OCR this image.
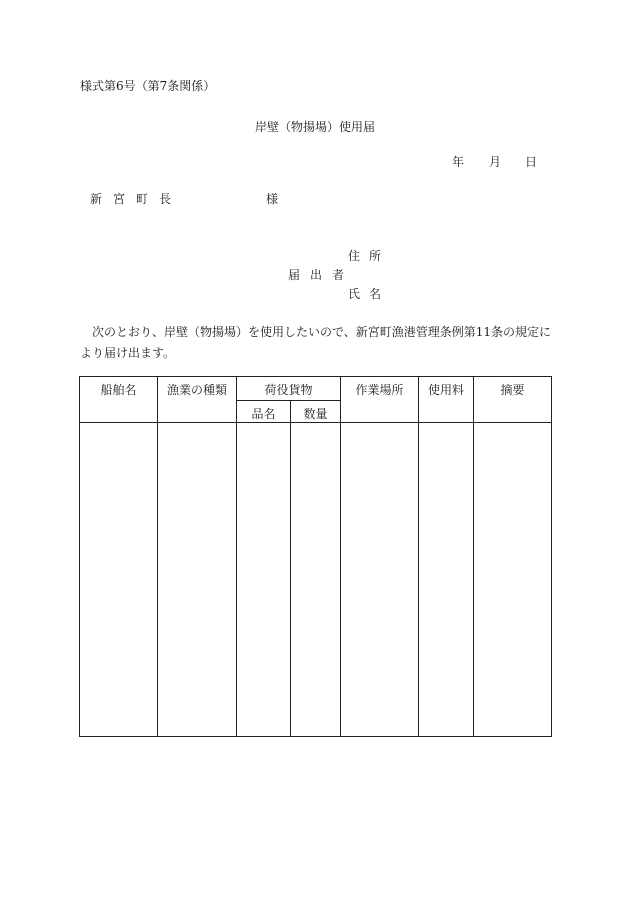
様式第6号（第7条関係）
岸壁（物揚場）使用届
年 月 日
新宮町長	様
住所
届出者
氏名
次のとおり、岸壁（物揚場）を使用したいので、新宮町漁港管理条例第11条の規定により届け出ます。
船舶名	漁業の種類	荷役貨物		作業場所	使用料	摘要
		品名	数量			
